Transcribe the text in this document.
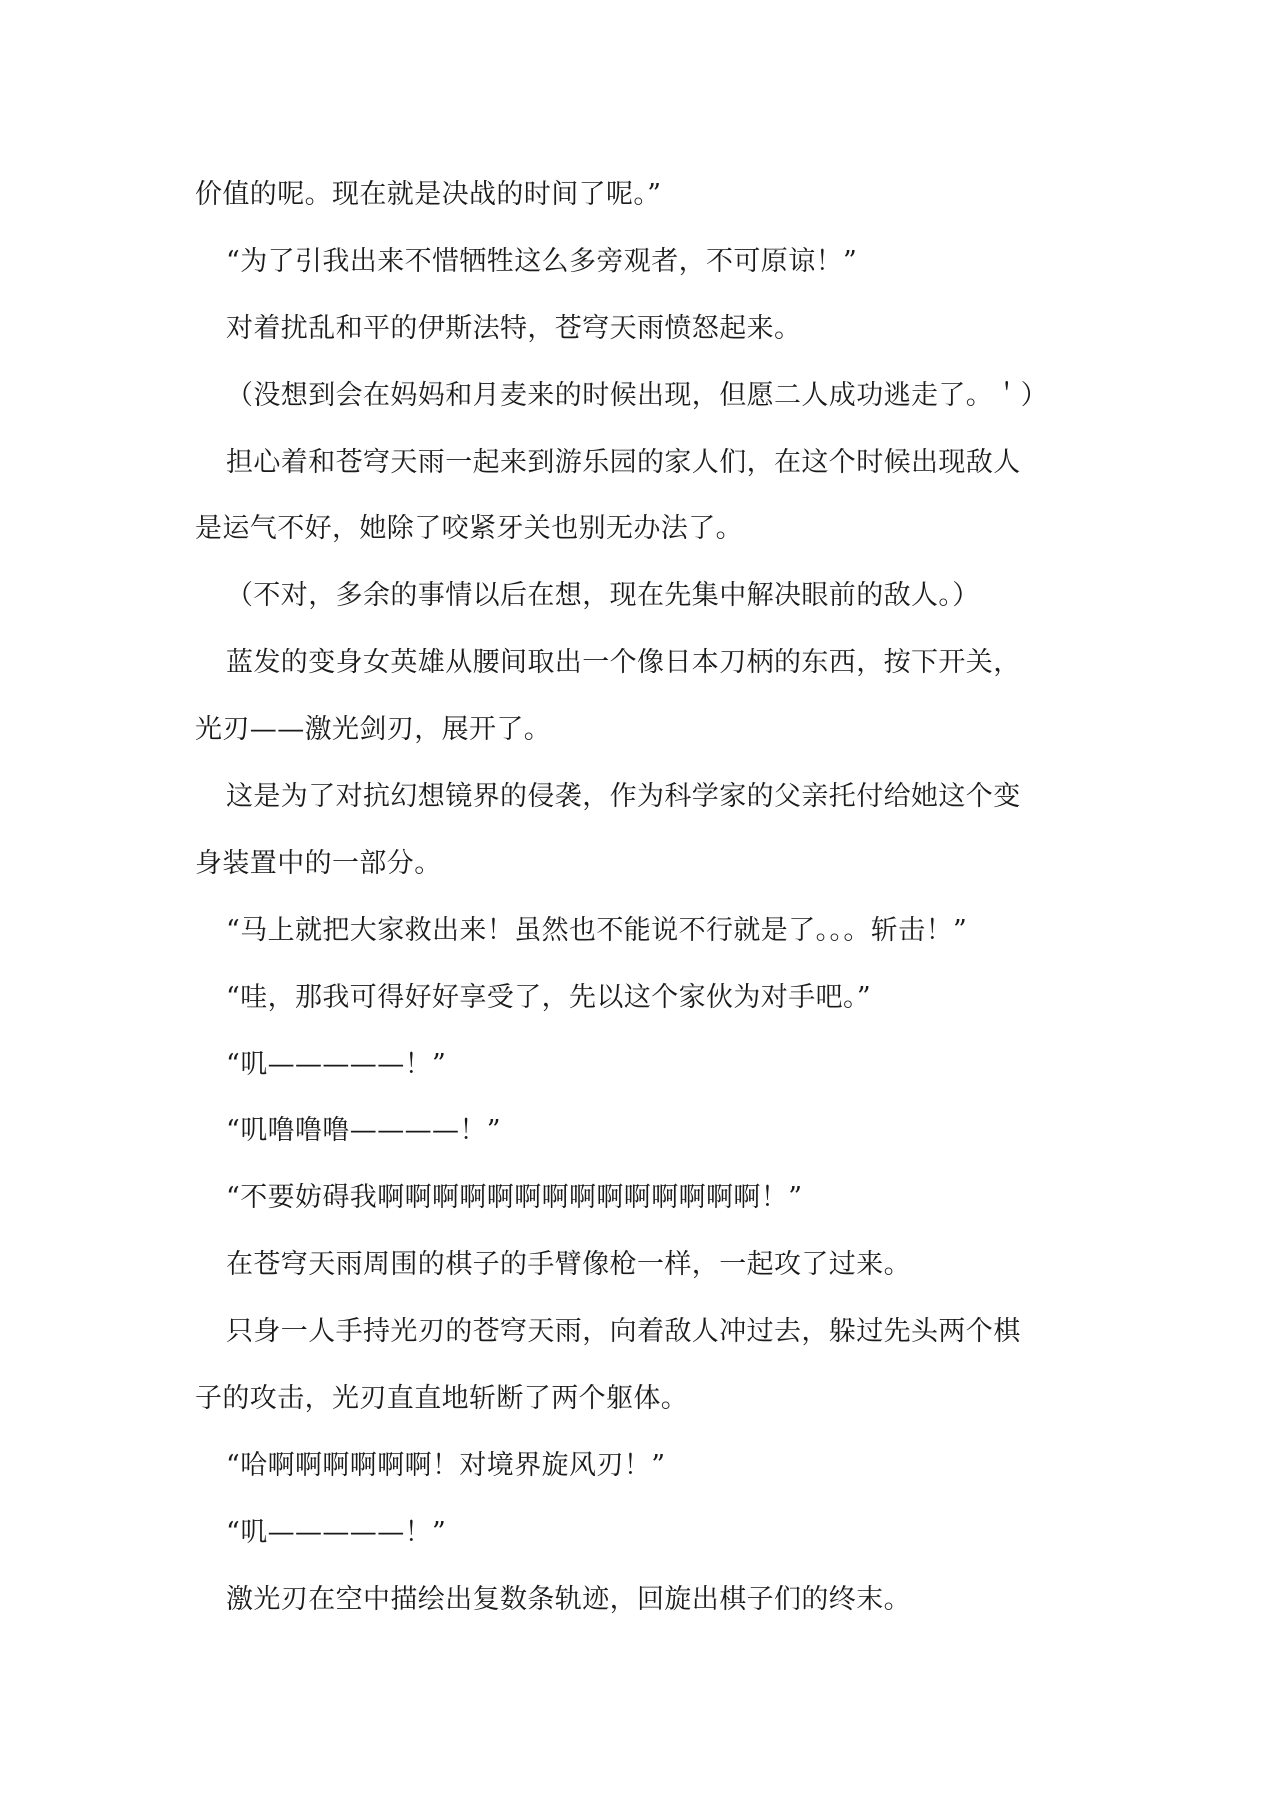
价值的呢。现在就是决战的时间了呢。”
“为了引我出来不惜牺牲这么多旁观者，不可原谅！”
对着扰乱和平的伊斯法特，苍穹天雨愤怒起来。
（没想到会在妈妈和月麦来的时候出现，但愿二人成功逃走了。＇）
担心着和苍穹天雨一起来到游乐园的家人们，在这个时候出现敌人
是运气不好，她除了咬紧牙关也别无办法了。
（不对，多余的事情以后在想，现在先集中解决眼前的敌人。）
蓝发的变身女英雄从腰间取出一个像日本刀柄的东西，按下开关，
光刃——激光剑刃，展开了。
这是为了对抗幻想镜界的侵袭，作为科学家的父亲托付给她这个变
身装置中的一部分。
“马上就把大家救出来！虽然也不能说不行就是了。。。斩击！”
“哇，那我可得好好享受了，先以这个家伙为对手吧。”
“叽—————！”
“叽噜噜噜————！”
“不要妨碍我啊啊啊啊啊啊啊啊啊啊啊啊啊啊！”
在苍穹天雨周围的棋子的手臂像枪一样，一起攻了过来。
只身一人手持光刃的苍穹天雨，向着敌人冲过去，躲过先头两个棋
子的攻击，光刃直直地斩断了两个躯体。
“哈啊啊啊啊啊啊！对境界旋风刃！”
“叽—————！”
激光刃在空中描绘出复数条轨迹，回旋出棋子们的终末。
